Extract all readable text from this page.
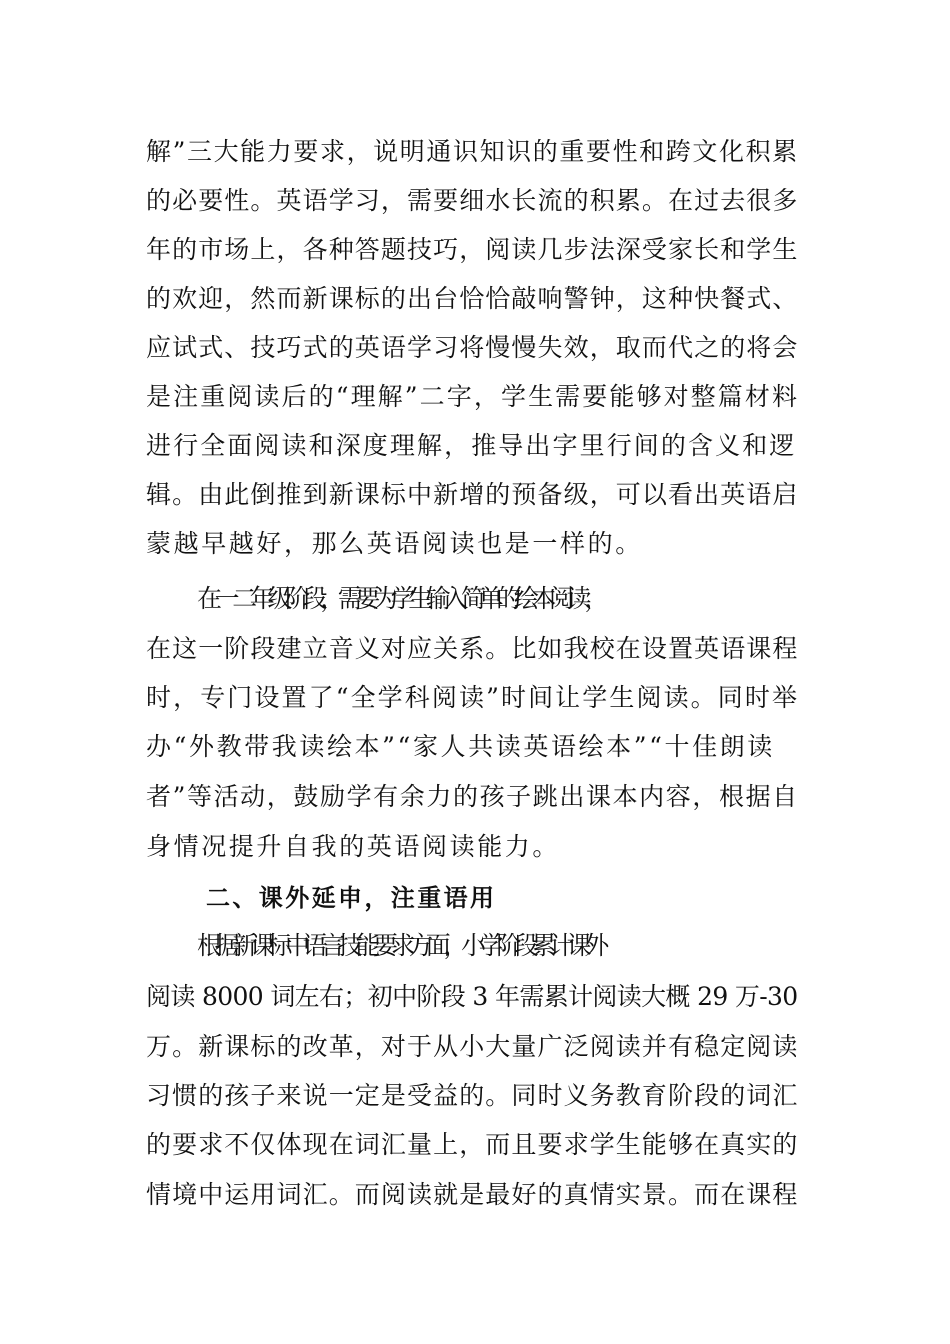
解”三大能力要求，说明通识知识的重要性和跨文化积累
的必要性。英语学习，需要细水长流的积累。在过去很多
年的市场上，各种答题技巧，阅读几步法深受家长和学生
的欢迎，然而新课标的出台恰恰敲响警钟，这种快餐式、
应试式、技巧式的英语学习将慢慢失效，取而代之的将会
是注重阅读后的“理解”二字，学生需要能够对整篇材料
进行全面阅读和深度理解，推导出字里行间的含义和逻
辑。由此倒推到新课标中新增的预备级，可以看出英语启
蒙越早越好，那么英语阅读也是一样的。
在一二年级阶段，需要为学生输入简单的绘本阅读，
在这一阶段建立音义对应关系。比如我校在设置英语课程
时，专门设置了“全学科阅读”时间让学生阅读。同时举
办“外教带我读绘本”“家人共读英语绘本”“十佳朗读
者”等活动，鼓励学有余力的孩子跳出课本内容，根据自
身情况提升自我的英语阅读能力。
二、课外延申，注重语用
根据新课标中语言技能要求方面，小学阶段累计课外
阅读 8000 词左右；初中阶段 3 年需累计阅读大概 29 万-30
万。新课标的改革，对于从小大量广泛阅读并有稳定阅读
习惯的孩子来说一定是受益的。同时义务教育阶段的词汇
的要求不仅体现在词汇量上，而且要求学生能够在真实的
情境中运用词汇。而阅读就是最好的真情实景。而在课程
